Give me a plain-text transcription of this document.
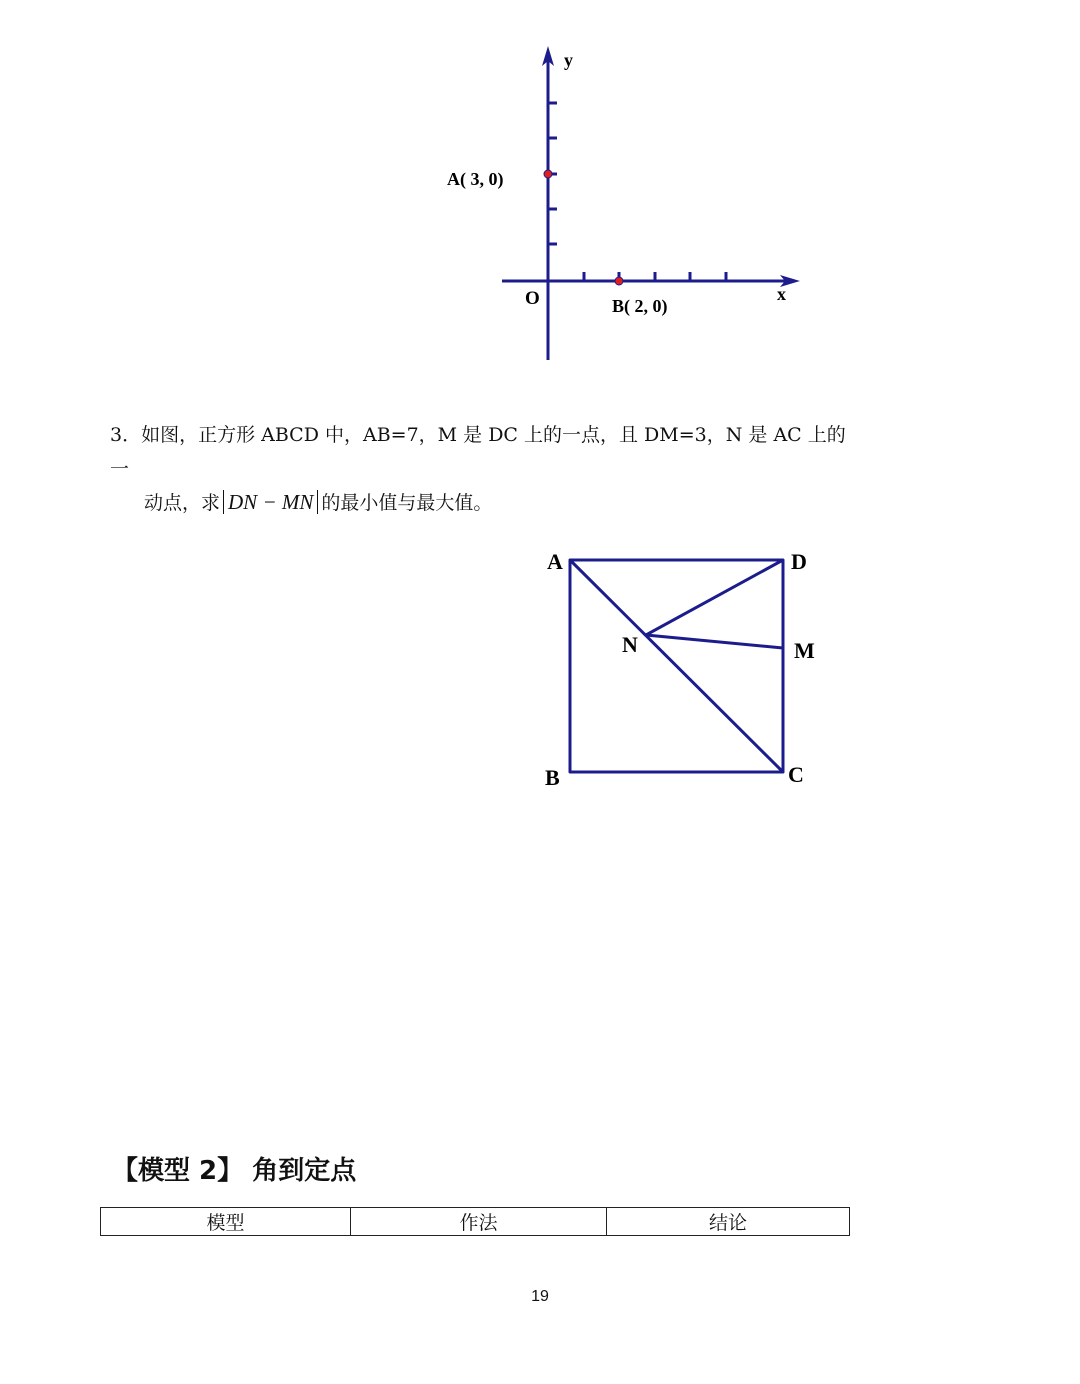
y
x
O
A( 3, 0)
B( 2, 0)
3．如图，正方形 ABCD 中，AB=7，M 是 DC 上的一点，且 DM=3，N 是 AC 上的一
动点，求 DN − MN 的最小值与最大值。
A	D
N	M
B	C
【模型 2】 角到定点
模型	作法	结论
19
